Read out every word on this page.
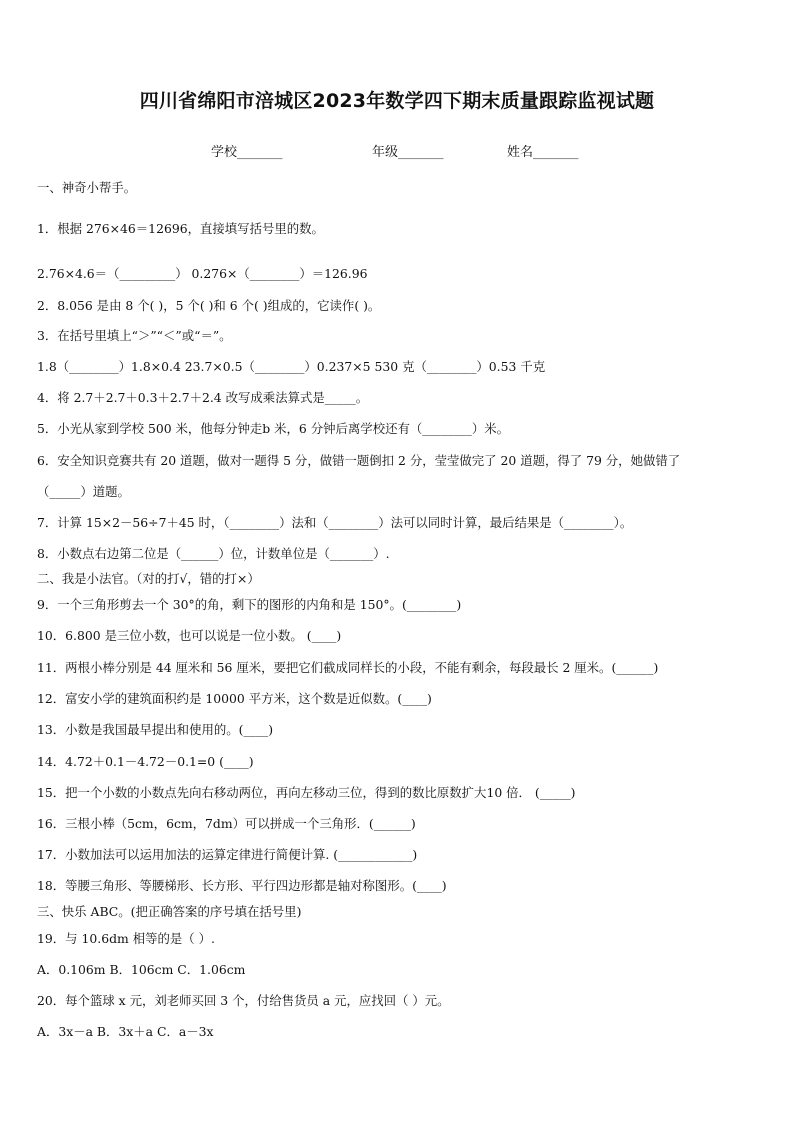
四川省绵阳市涪城区2023年数学四下期末质量跟踪监视试题
学校_______	年级_______	姓名_______
一、神奇小帮手。
1．根据 276×46＝12696，直接填写括号里的数。
2.76×4.6＝（_________） 0.276×（________）＝126.96
2．8.056 是由 8 个( )，5 个( )和 6 个( )组成的，它读作( )。
3．在括号里填上“＞”“＜”或“＝”。
1.8（________）1.8×0.4 23.7×0.5（________）0.237×5 530 克（________）0.53 千克
4．将 2.7＋2.7＋0.3＋2.7＋2.4 改写成乘法算式是_____。
5．小光从家到学校 500 米，他每分钟走b 米，6 分钟后离学校还有（________）米。
6．安全知识竞赛共有 20 道题，做对一题得 5 分，做错一题倒扣 2 分，莹莹做完了 20 道题，得了 79 分，她做错了
（_____）道题。
7．计算 15×2－56÷7＋45 时，（________）法和（________）法可以同时计算，最后结果是（________）。
8．小数点右边第二位是（______）位，计数单位是（_______）.
二、我是小法官。（对的打√，错的打×）
9．一个三角形剪去一个 30°的角，剩下的图形的内角和是 150°。(________)
10．6.800 是三位小数，也可以说是一位小数。 (____)
11．两根小棒分别是 44 厘米和 56 厘米，要把它们截成同样长的小段，不能有剩余，每段最长 2 厘米。(______)
12．富安小学的建筑面积约是 10000 平方米，这个数是近似数。(____)
13．小数是我国最早提出和使用的。(____)
14．4.72＋0.1－4.72－0.1=0 (____)
15．把一个小数的小数点先向右移动两位，再向左移动三位，得到的数比原数扩大10 倍． (_____)
16．三根小棒（5cm，6cm，7dm）可以拼成一个三角形．(______)
17．小数加法可以运用加法的运算定律进行简便计算. (____________)
18．等腰三角形、等腰梯形、长方形、平行四边形都是轴对称图形。(____)
三、快乐 ABC。(把正确答案的序号填在括号里)
19．与 10.6dm 相等的是（ ）.
A．0.106m B．106cm C．1.06cm
20．每个篮球 x 元，刘老师买回 3 个，付给售货员 a 元，应找回（ ）元。
A．3x－a B．3x＋a C．a－3x
